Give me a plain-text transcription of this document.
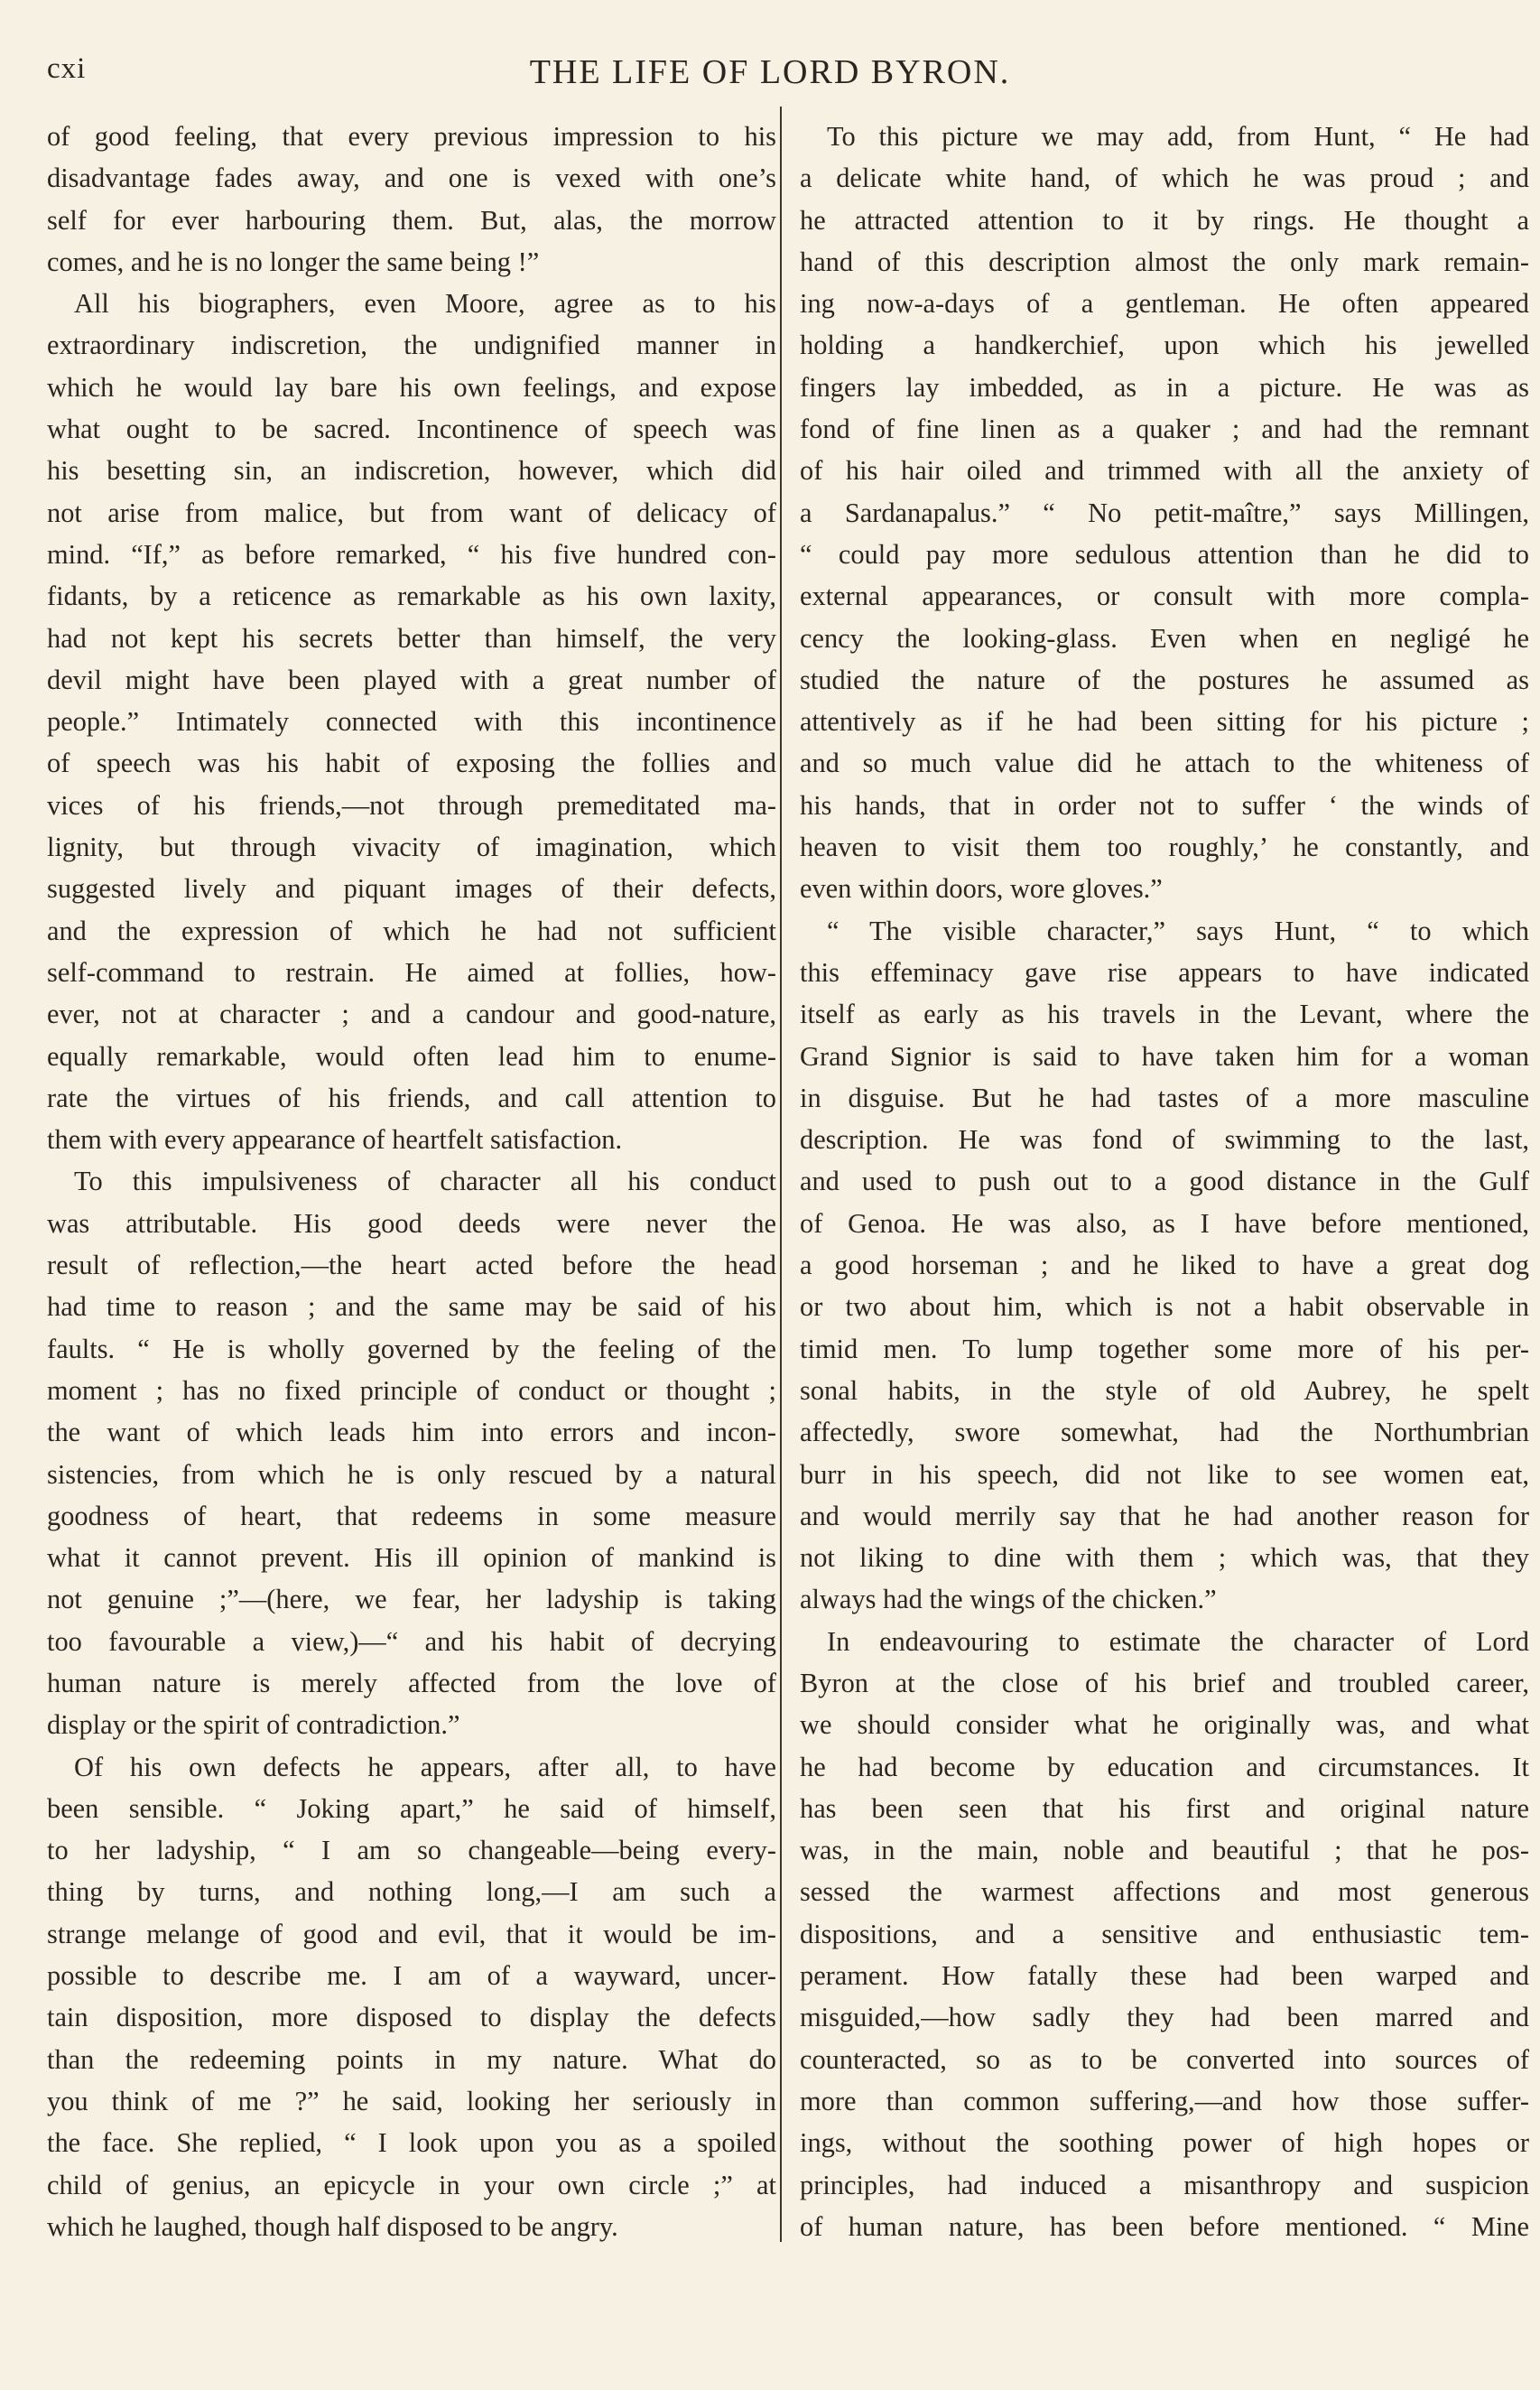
cxi	THE LIFE OF LORD BYRON.
of good feeling, that every previous impression to his
disadvantage fades away, and one is vexed with one’s
self for ever harbouring them. But, alas, the morrow
comes, and he is no longer the same being !”
All his biographers, even Moore, agree as to his
extraordinary indiscretion, the undignified manner in
which he would lay bare his own feelings, and expose
what ought to be sacred. Incontinence of speech was
his besetting sin, an indiscretion, however, which did
not arise from malice, but from want of delicacy of
mind. “If,” as before remarked, “ his five hundred con-
fidants, by a reticence as remarkable as his own laxity,
had not kept his secrets better than himself, the very
devil might have been played with a great number of
people.” Intimately connected with this incontinence
of speech was his habit of exposing the follies and
vices of his friends,—not through premeditated ma-
lignity, but through vivacity of imagination, which
suggested lively and piquant images of their defects,
and the expression of which he had not sufficient
self-command to restrain. He aimed at follies, how-
ever, not at character ; and a candour and good-nature,
equally remarkable, would often lead him to enume-
rate the virtues of his friends, and call attention to
them with every appearance of heartfelt satisfaction.
To this impulsiveness of character all his conduct
was attributable. His good deeds were never the
result of reflection,—the heart acted before the head
had time to reason ; and the same may be said of his
faults. “ He is wholly governed by the feeling of the
moment ; has no fixed principle of conduct or thought ;
the want of which leads him into errors and incon-
sistencies, from which he is only rescued by a natural
goodness of heart, that redeems in some measure
what it cannot prevent. His ill opinion of mankind is
not genuine ;”—(here, we fear, her ladyship is taking
too favourable a view,)—“ and his habit of decrying
human nature is merely affected from the love of
display or the spirit of contradiction.”
Of his own defects he appears, after all, to have
been sensible. “ Joking apart,” he said of himself,
to her ladyship, “ I am so changeable—being every-
thing by turns, and nothing long,—I am such a
strange melange of good and evil, that it would be im-
possible to describe me. I am of a wayward, uncer-
tain disposition, more disposed to display the defects
than the redeeming points in my nature. What do
you think of me ?” he said, looking her seriously in
the face. She replied, “ I look upon you as a spoiled
child of genius, an epicycle in your own circle ;” at
which he laughed, though half disposed to be angry.
To this picture we may add, from Hunt, “ He had
a delicate white hand, of which he was proud ; and
he attracted attention to it by rings. He thought a
hand of this description almost the only mark remain-
ing now-a-days of a gentleman. He often appeared
holding a handkerchief, upon which his jewelled
fingers lay imbedded, as in a picture. He was as
fond of fine linen as a quaker ; and had the remnant
of his hair oiled and trimmed with all the anxiety of
a Sardanapalus.” “ No petit-maître,” says Millingen,
“ could pay more sedulous attention than he did to
external appearances, or consult with more compla-
cency the looking-glass. Even when en negligé he
studied the nature of the postures he assumed as
attentively as if he had been sitting for his picture ;
and so much value did he attach to the whiteness of
his hands, that in order not to suffer ‘ the winds of
heaven to visit them too roughly,’ he constantly, and
even within doors, wore gloves.”
“ The visible character,” says Hunt, “ to which
this effeminacy gave rise appears to have indicated
itself as early as his travels in the Levant, where the
Grand Signior is said to have taken him for a woman
in disguise. But he had tastes of a more masculine
description. He was fond of swimming to the last,
and used to push out to a good distance in the Gulf
of Genoa. He was also, as I have before mentioned,
a good horseman ; and he liked to have a great dog
or two about him, which is not a habit observable in
timid men. To lump together some more of his per-
sonal habits, in the style of old Aubrey, he spelt
affectedly, swore somewhat, had the Northumbrian
burr in his speech, did not like to see women eat,
and would merrily say that he had another reason for
not liking to dine with them ; which was, that they
always had the wings of the chicken.”
In endeavouring to estimate the character of Lord
Byron at the close of his brief and troubled career,
we should consider what he originally was, and what
he had become by education and circumstances. It
has been seen that his first and original nature
was, in the main, noble and beautiful ; that he pos-
sessed the warmest affections and most generous
dispositions, and a sensitive and enthusiastic tem-
perament. How fatally these had been warped and
misguided,—how sadly they had been marred and
counteracted, so as to be converted into sources of
more than common suffering,—and how those suffer-
ings, without the soothing power of high hopes or
principles, had induced a misanthropy and suspicion
of human nature, has been before mentioned. “ Mine
